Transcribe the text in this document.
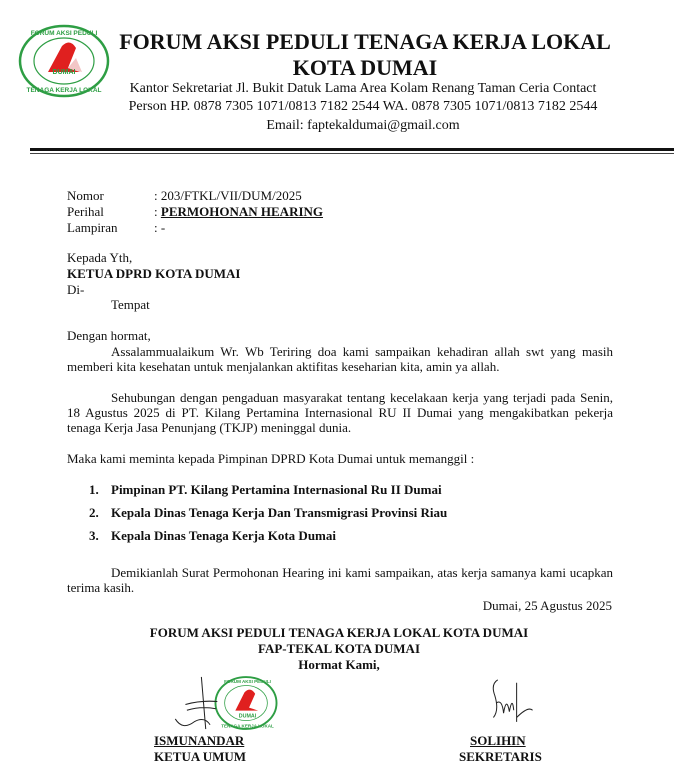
DUMAI
FORUM AKSI PEDULI
TENAGA KERJA LOKAL
FORUM AKSI PEDULI TENAGA KERJA LOKAL
KOTA DUMAI
Kantor Sekretariat Jl. Bukit Datuk Lama Area Kolam Renang Taman Ceria Contact
Person HP. 0878 7305 1071/0813 7182 2544 WA. 0878 7305 1071/0813 7182 2544
Email: faptekaldumai@gmail.com
Nomor	: 203/FTKL/VII/DUM/2025
Perihal	: PERMOHONAN HEARING
Lampiran	: -
Kepada Yth,
KETUA DPRD KOTA DUMAI
Di-
Tempat
Dengan hormat,
Assalammualaikum Wr. Wb Teriring doa kami sampaikan kehadiran allah swt yang masih memberi kita kesehatan untuk menjalankan aktifitas keseharian kita, amin ya allah.
Sehubungan dengan pengaduan masyarakat tentang kecelakaan kerja yang terjadi pada Senin, 18 Agustus 2025 di PT. Kilang Pertamina Internasional RU II Dumai yang mengakibatkan pekerja tenaga Kerja Jasa Penunjang (TKJP) meninggal dunia.
Maka kami meminta kepada Pimpinan DPRD Kota Dumai untuk memanggil :
1. Pimpinan PT. Kilang Pertamina Internasional Ru II Dumai
2. Kepala Dinas Tenaga Kerja Dan Transmigrasi Provinsi Riau
3. Kepala Dinas Tenaga Kerja Kota Dumai
Demikianlah Surat Permohonan Hearing ini kami sampaikan, atas kerja samanya kami ucapkan terima kasih.
Dumai, 25 Agustus 2025
FORUM AKSI PEDULI TENAGA KERJA LOKAL KOTA DUMAI
FAP-TEKAL KOTA DUMAI
Hormat Kami,
DUMAI
FORUM AKSI PEDULI
TENAGA KERJA LOKAL
ISMUNANDAR
KETUA UMUM
SOLIHIN
SEKRETARIS
